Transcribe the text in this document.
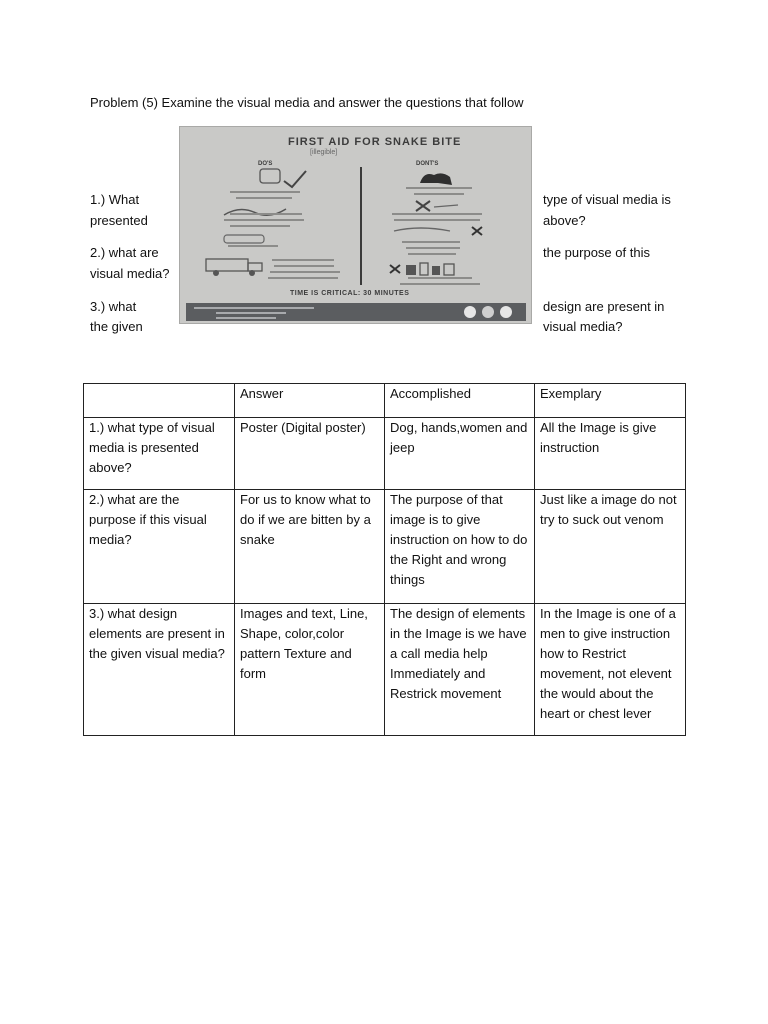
Problem (5) Examine the visual media and answer the questions that follow
1.) What
presented
2.) what are
visual media?
3.) what
the given
type of visual media is
above?
the purpose of this
design are present in
visual media?
FIRST AID FOR SNAKE BITE
[illegible]
DO'S	DONT'S
TIME IS CRITICAL: 30 MINUTES
	Answer	Accomplished	Exemplary
1.) what type of visual media is presented above?	Poster (Digital poster)	Dog, hands,women and jeep	All the Image is give instruction
2.) what are the purpose if this visual media?	For us to know what to do if we are bitten by a snake	The purpose of that image is to give instruction on how to do the Right and wrong things	Just like a image do not try to suck out venom
3.) what design elements are present in the given visual media?	Images and text, Line, Shape, color,color pattern Texture and form	The design of elements in the Image is we have a call media help Immediately and Restrick movement	In the Image is one of a men to give instruction how to Restrict movement, not elevent the would about the heart or chest lever
